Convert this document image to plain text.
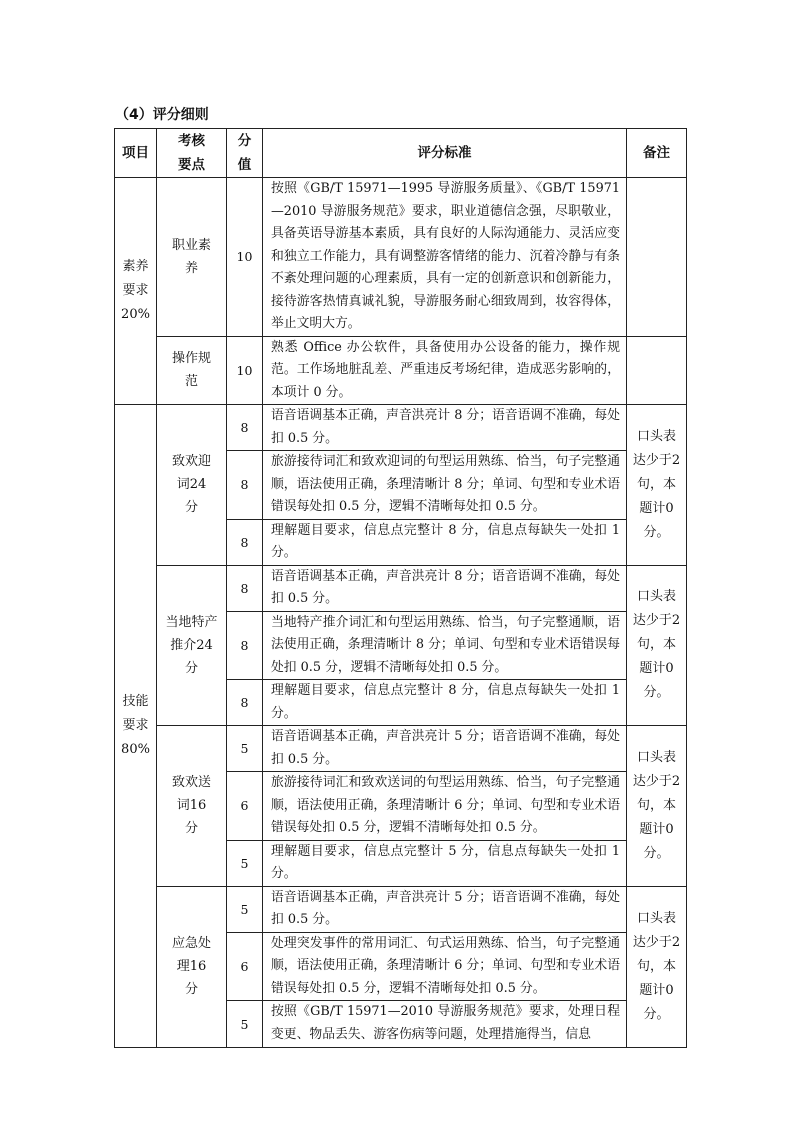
（4）评分细则
项目	考核要点	分值	评分标准	备注
素养要求20%	职业素养	10	按照《GB/T 15971—1995 导游服务质量》、《GB/T 15971—2010 导游服务规范》要求，职业道德信念强，尽职敬业，具备英语导游基本素质，具有良好的人际沟通能力、灵活应变和独立工作能力，具有调整游客情绪的能力、沉着冷静与有条不紊处理问题的心理素质，具有一定的创新意识和创新能力，接待游客热情真诚礼貌，导游服务耐心细致周到，妆容得体，举止文明大方。	
	操作规范	10	熟悉 Office 办公软件，具备使用办公设备的能力，操作规范。工作场地脏乱差、严重违反考场纪律，造成恶劣影响的，本项计 0 分。	
技能要求80%	致欢迎词24 分	8	语音语调基本正确，声音洪亮计 8 分；语音语调不准确，每处扣 0.5 分。	口头表达少于2 句，本题计0 分。
		8	旅游接待词汇和致欢迎词的句型运用熟练、恰当，句子完整通顺，语法使用正确，条理清晰计 8 分；单词、句型和专业术语错误每处扣 0.5 分，逻辑不清晰每处扣 0.5 分。	
		8	理解题目要求，信息点完整计 8 分，信息点每缺失一处扣 1 分。	
	当地特产推介24 分	8	语音语调基本正确，声音洪亮计 8 分；语音语调不准确，每处扣 0.5 分。	口头表达少于2 句，本题计0 分。
		8	当地特产推介词汇和句型运用熟练、恰当，句子完整通顺，语法使用正确，条理清晰计 8 分；单词、句型和专业术语错误每处扣 0.5 分，逻辑不清晰每处扣 0.5 分。	
		8	理解题目要求，信息点完整计 8 分，信息点每缺失一处扣 1 分。	
	致欢送词16 分	5	语音语调基本正确，声音洪亮计 5 分；语音语调不准确，每处扣 0.5 分。	口头表达少于2 句，本题计0 分。
		6	旅游接待词汇和致欢送词的句型运用熟练、恰当，句子完整通顺，语法使用正确，条理清晰计 6 分；单词、句型和专业术语错误每处扣 0.5 分，逻辑不清晰每处扣 0.5 分。	
		5	理解题目要求，信息点完整计 5 分，信息点每缺失一处扣 1 分。	
	应急处理16 分	5	语音语调基本正确，声音洪亮计 5 分；语音语调不准确，每处扣 0.5 分。	口头表达少于2 句，本题计0 分。
		6	处理突发事件的常用词汇、句式运用熟练、恰当，句子完整通顺，语法使用正确，条理清晰计 6 分；单词、句型和专业术语错误每处扣 0.5 分，逻辑不清晰每处扣 0.5 分。	
		5	按照《GB/T 15971—2010 导游服务规范》要求，处理日程变更、物品丢失、游客伤病等问题，处理措施得当，信息	
